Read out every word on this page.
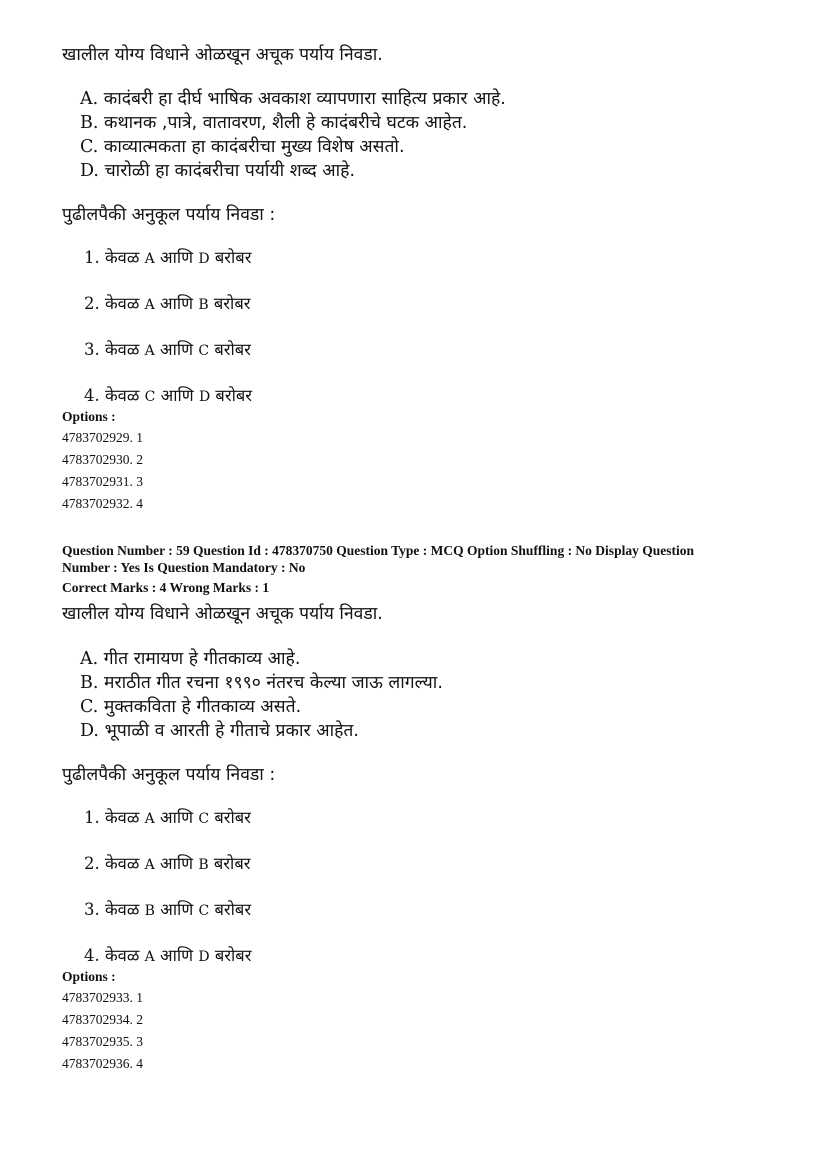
खालील योग्य विधाने ओळखून अचूक पर्याय निवडा.
A. कादंबरी हा दीर्घ भाषिक अवकाश व्यापणारा साहित्य प्रकार आहे.
B. कथानक ,पात्रे, वातावरण, शैली हे कादंबरीचे घटक आहेत.
C. काव्यात्मकता हा कादंबरीचा मुख्य विशेष असतो.
D. चारोळी हा कादंबरीचा पर्यायी शब्द आहे.
पुढीलपैकी अनुकूल पर्याय निवडा :
1. केवळ A आणि D बरोबर
2. केवळ A आणि B बरोबर
3. केवळ A आणि C बरोबर
4. केवळ C आणि D बरोबर
Options :
4783702929. 1
4783702930. 2
4783702931. 3
4783702932. 4
Question Number : 59 Question Id : 478370750 Question Type : MCQ Option Shuffling : No Display Question
Number : Yes Is Question Mandatory : No
Correct Marks : 4 Wrong Marks : 1
खालील योग्य विधाने ओळखून अचूक पर्याय निवडा.
A. गीत रामायण हे गीतकाव्य आहे.
B. मराठीत गीत रचना १९९० नंतरच केल्या जाऊ लागल्या.
C. मुक्तकविता हे गीतकाव्य असते.
D. भूपाळी व आरती हे गीताचे प्रकार आहेत.
पुढीलपैकी अनुकूल पर्याय निवडा :
1. केवळ A आणि C बरोबर
2. केवळ A आणि B बरोबर
3. केवळ B आणि C बरोबर
4. केवळ A आणि D बरोबर
Options :
4783702933. 1
4783702934. 2
4783702935. 3
4783702936. 4
